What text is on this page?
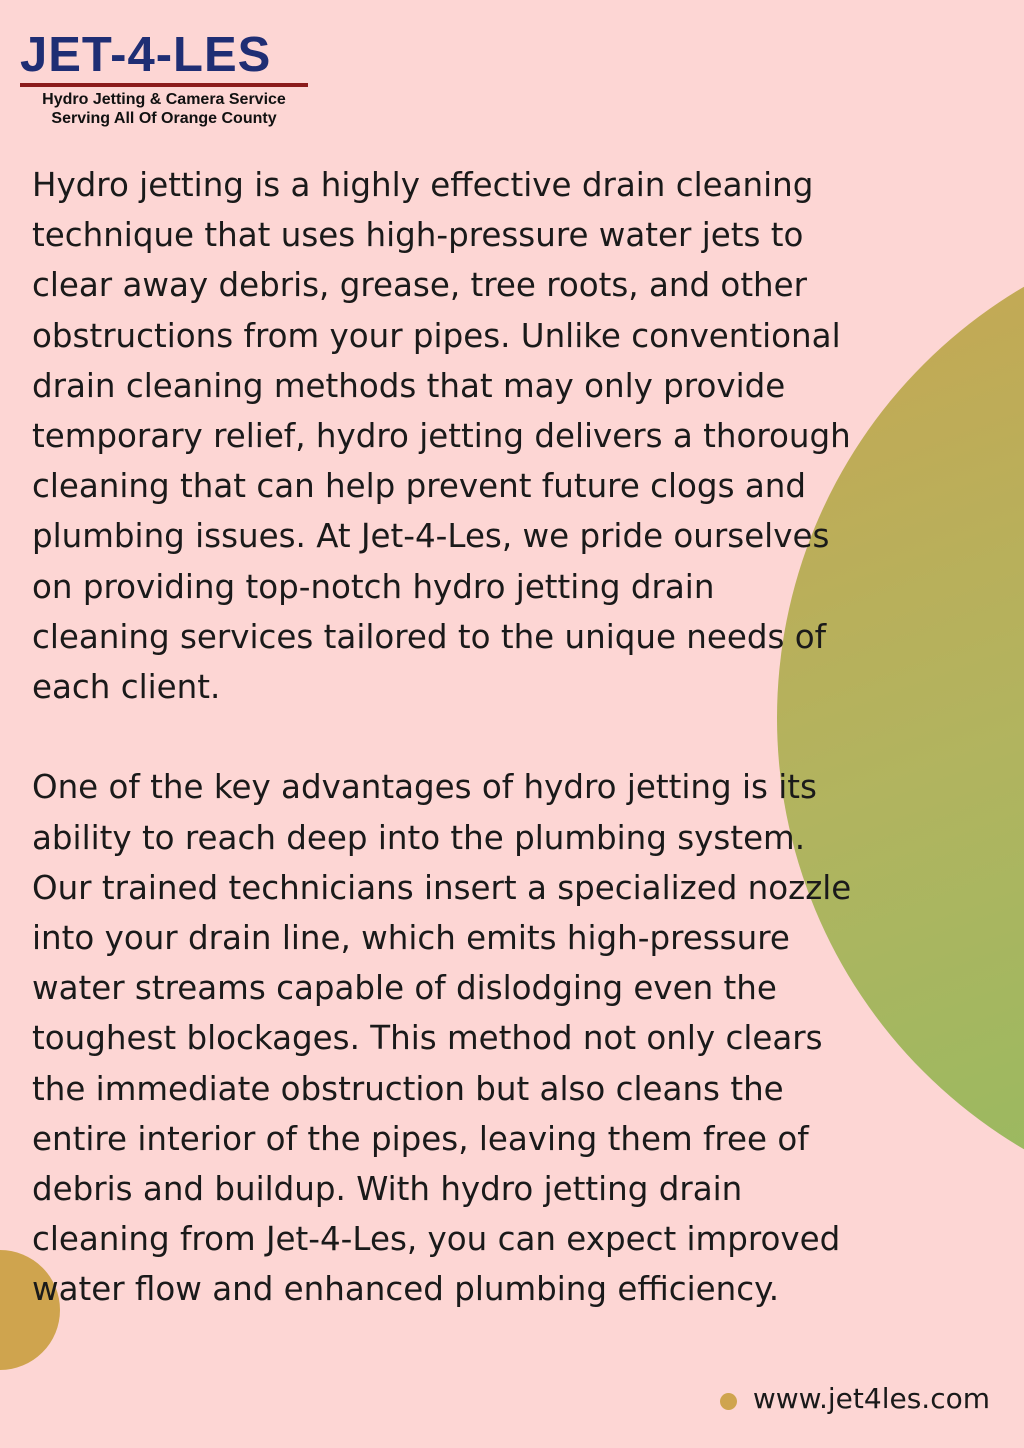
JET-4-LES
Hydro Jetting & Camera Service
Serving All Of Orange County

Hydro jetting is a highly effective drain cleaning
technique that uses high-pressure water jets to
clear away debris, grease, tree roots, and other
obstructions from your pipes. Unlike conventional
drain cleaning methods that may only provide
temporary relief, hydro jetting delivers a thorough
cleaning that can help prevent future clogs and
plumbing issues. At Jet-4-Les, we pride ourselves
on providing top-notch hydro jetting drain
cleaning services tailored to the unique needs of
each client.

One of the key advantages of hydro jetting is its
ability to reach deep into the plumbing system.
Our trained technicians insert a specialized nozzle
into your drain line, which emits high-pressure
water streams capable of dislodging even the
toughest blockages. This method not only clears
the immediate obstruction but also cleans the
entire interior of the pipes, leaving them free of
debris and buildup. With hydro jetting drain
cleaning from Jet-4-Les, you can expect improved
water flow and enhanced plumbing efficiency.

www.jet4les.com
